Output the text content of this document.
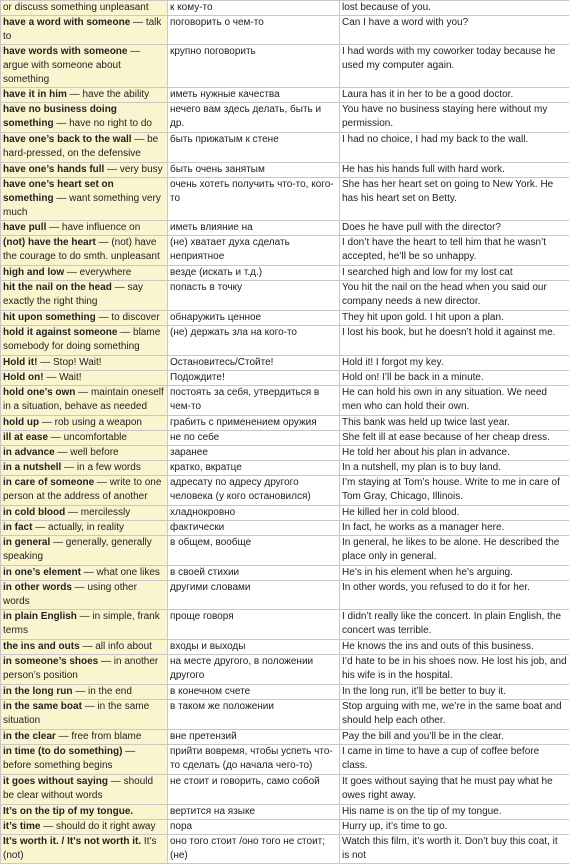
or discuss something unpleasant	к кому-то	lost because of you.
have a word with someone — talk to	поговорить о чем-то	Can I have a word with you?
have words with someone — argue with someone about something	крупно поговорить	I had words with my coworker today because he used my computer again.
have it in him — have the ability	иметь нужные качества	Laura has it in her to be a good doctor.
have no business doing something — have no right to do	нечего вам здесь делать, быть и др.	You have no business staying here without my permission.
have one’s back to the wall — be hard-pressed, on the defensive	быть прижатым к стене	I had no choice, I had my back to the wall.
have one’s hands full — very busy	быть очень занятым	He has his hands full with hard work.
have one’s heart set on something — want something very much	очень хотеть получить что-то, кого-то	She has her heart set on going to New York. He has his heart set on Betty.
have pull — have influence on	иметь влияние на	Does he have pull with the director?
(not) have the heart — (not) have the courage to do smth. unpleasant	(не) хватает духа сделать неприятное	I don’t have the heart to tell him that he wasn’t accepted, he’ll be so unhappy.
high and low — everywhere	везде (искать и т.д.)	I searched high and low for my lost cat
hit the nail on the head — say exactly the right thing	попасть в точку	You hit the nail on the head when you said our company needs a new director.
hit upon something — to discover	обнаружить ценное	They hit upon gold. I hit upon a plan.
hold it against someone — blame somebody for doing something	(не) держать зла на кого-то	I lost his book, but he doesn’t hold it against me.
Hold it! — Stop! Wait!	Остановитесь/Стойте!	Hold it! I forgot my key.
Hold on! — Wait!	Подождите!	Hold on! I’ll be back in a minute.
hold one’s own — maintain oneself in a situation, behave as needed	постоять за себя, утвердиться в чем-то	He can hold his own in any situation. We need men who can hold their own.
hold up — rob using a weapon	грабить с применением оружия	This bank was held up twice last year.
ill at ease — uncomfortable	не по себе	She felt ill at ease because of her cheap dress.
in advance — well before	заранее	He told her about his plan in advance.
in a nutshell — in a few words	кратко, вкратце	In a nutshell, my plan is to buy land.
in care of someone — write to one person at the address of another	адресату по адресу другого человека (у кого остановился)	I’m staying at Tom’s house. Write to me in care of Tom Gray, Chicago, Illinois.
in cold blood — mercilessly	хладнокровно	He killed her in cold blood.
in fact — actually, in reality	фактически	In fact, he works as a manager here.
in general — generally, generally speaking	в общем, вообще	In general, he likes to be alone. He described the place only in general.
in one’s element — what one likes	в своей стихии	He’s in his element when he’s arguing.
in other words — using other words	другими словами	In other words, you refused to do it for her.
in plain English — in simple, frank terms	проще говоря	I didn’t really like the concert. In plain English, the concert was terrible.
the ins and outs — all info about	входы и выходы	He knows the ins and outs of this business.
in someone’s shoes — in another person’s position	на месте другого, в положении другого	I’d hate to be in his shoes now. He lost his job, and his wife is in the hospital.
in the long run — in the end	в конечном счете	In the long run, it’ll be better to buy it.
in the same boat — in the same situation	в таком же положении	Stop arguing with me, we’re in the same boat and should help each other.
in the clear — free from blame	вне претензий	Pay the bill and you’ll be in the clear.
in time (to do something) — before something begins	прийти вовремя, чтобы успеть что-то сделать (до начала чего-то)	I came in time to have a cup of coffee before class.
it goes without saying — should be clear without words	не стоит и говорить, само собой	It goes without saying that he must pay what he owes right away.
It’s on the tip of my tongue.	вертится на языке	His name is on the tip of my tongue.
it’s time — should do it right away	пора	Hurry up, it’s time to go.
It’s worth it. / It’s not worth it. It’s (not)	оно того стоит /оно того не стоит; (не)	Watch this film, it’s worth it. Don’t buy this coat, it is not
